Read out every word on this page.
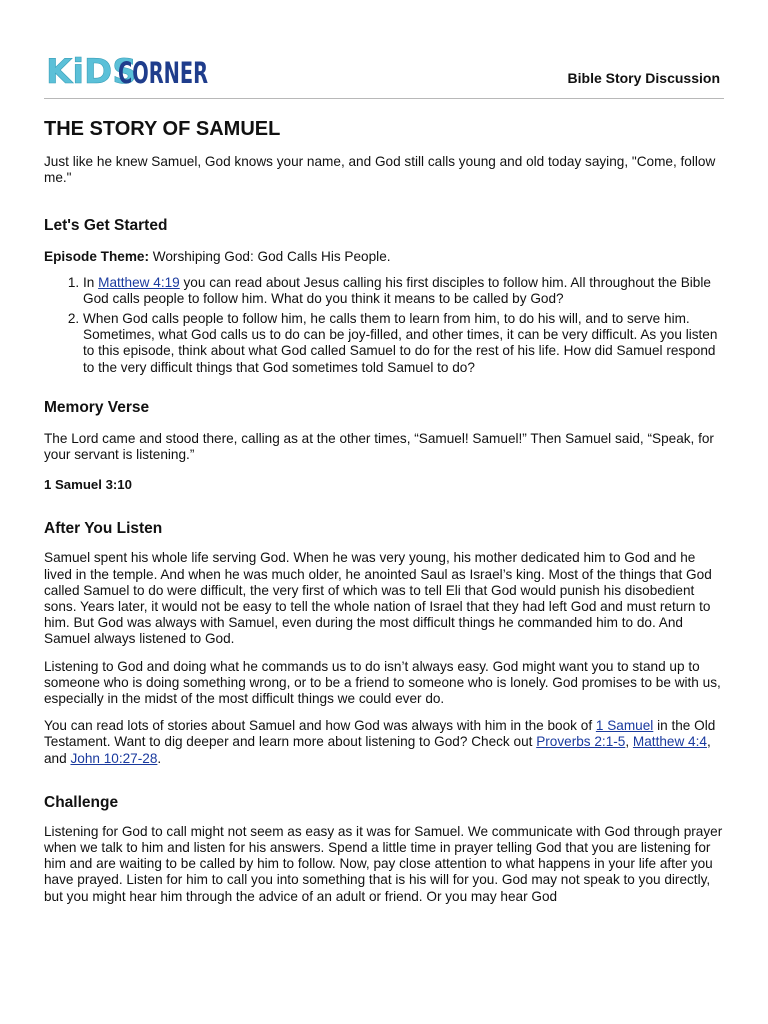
KiDS
CORNER	Bible Story Discussion
THE STORY OF SAMUEL

Just like he knew Samuel, God knows your name, and God still calls young and old today saying, "Come, follow me."

Let's Get Started

Episode Theme: Worshiping God: God Calls His People.

1. In Matthew 4:19 you can read about Jesus calling his first disciples to follow him. All throughout the Bible God calls people to follow him. What do you think it means to be called by God?
2. When God calls people to follow him, he calls them to learn from him, to do his will, and to serve him. Sometimes, what God calls us to do can be joy-filled, and other times, it can be very difficult. As you listen to this episode, think about what God called Samuel to do for the rest of his life. How did Samuel respond to the very difficult things that God sometimes told Samuel to do?
Memory Verse

The Lord came and stood there, calling as at the other times, “Samuel! Samuel!” Then Samuel said, “Speak, for your servant is listening.”

1 Samuel 3:10

After You Listen

Samuel spent his whole life serving God. When he was very young, his mother dedicated him to God and he lived in the temple. And when he was much older, he anointed Saul as Israel’s king. Most of the things that God called Samuel to do were difficult, the very first of which was to tell Eli that God would punish his disobedient sons. Years later, it would not be easy to tell the whole nation of Israel that they had left God and must return to him. But God was always with Samuel, even during the most difficult things he commanded him to do. And Samuel always listened to God.

Listening to God and doing what he commands us to do isn’t always easy. God might want you to stand up to someone who is doing something wrong, or to be a friend to someone who is lonely. God promises to be with us, especially in the midst of the most difficult things we could ever do.

You can read lots of stories about Samuel and how God was always with him in the book of 1 Samuel in the Old Testament. Want to dig deeper and learn more about listening to God? Check out Proverbs 2:1-5, Matthew 4:4, and John 10:27-28.

Challenge

Listening for God to call might not seem as easy as it was for Samuel. We communicate with God through prayer when we talk to him and listen for his answers. Spend a little time in prayer telling God that you are listening for him and are waiting to be called by him to follow. Now, pay close attention to what happens in your life after you have prayed. Listen for him to call you into something that is his will for you. God may not speak to you directly, but you might hear him through the advice of an adult or friend. Or you may hear God
